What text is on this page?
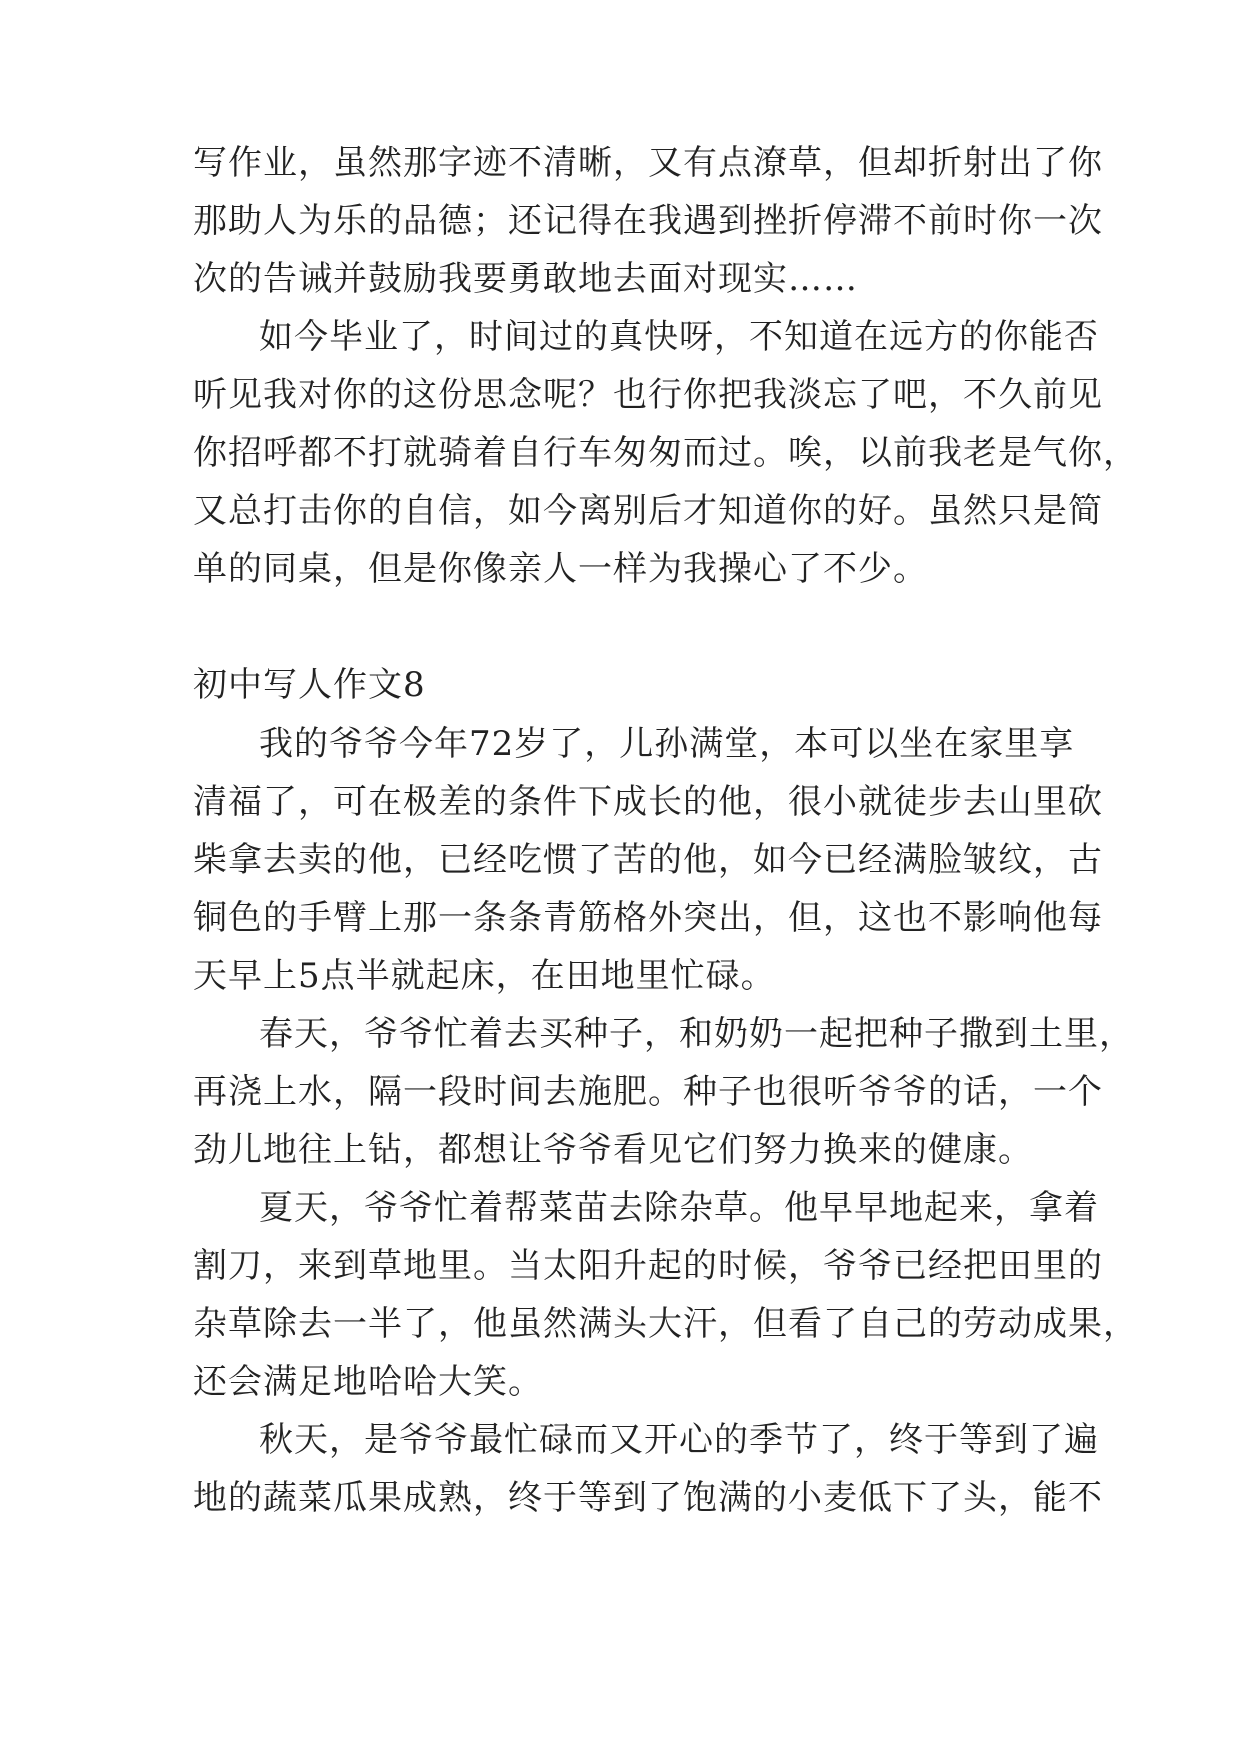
写作业，虽然那字迹不清晰，又有点潦草，但却折射出了你
那助人为乐的品德；还记得在我遇到挫折停滞不前时你一次
次的告诫并鼓励我要勇敢地去面对现实……
如今毕业了，时间过的真快呀，不知道在远方的你能否
听见我对你的这份思念呢？也行你把我淡忘了吧，不久前见
你招呼都不打就骑着自行车匆匆而过。唉，以前我老是气你，
又总打击你的自信，如今离别后才知道你的好。虽然只是简
单的同桌，但是你像亲人一样为我操心了不少。
初中写人作文8
我的爷爷今年72岁了，儿孙满堂，本可以坐在家里享
清福了，可在极差的条件下成长的他，很小就徒步去山里砍
柴拿去卖的他，已经吃惯了苦的他，如今已经满脸皱纹，古
铜色的手臂上那一条条青筋格外突出，但，这也不影响他每
天早上5点半就起床，在田地里忙碌。
春天，爷爷忙着去买种子，和奶奶一起把种子撒到土里，
再浇上水，隔一段时间去施肥。种子也很听爷爷的话，一个
劲儿地往上钻，都想让爷爷看见它们努力换来的健康。
夏天，爷爷忙着帮菜苗去除杂草。他早早地起来，拿着
割刀，来到草地里。当太阳升起的时候，爷爷已经把田里的
杂草除去一半了，他虽然满头大汗，但看了自己的劳动成果，
还会满足地哈哈大笑。
秋天，是爷爷最忙碌而又开心的季节了，终于等到了遍
地的蔬菜瓜果成熟，终于等到了饱满的小麦低下了头，能不
